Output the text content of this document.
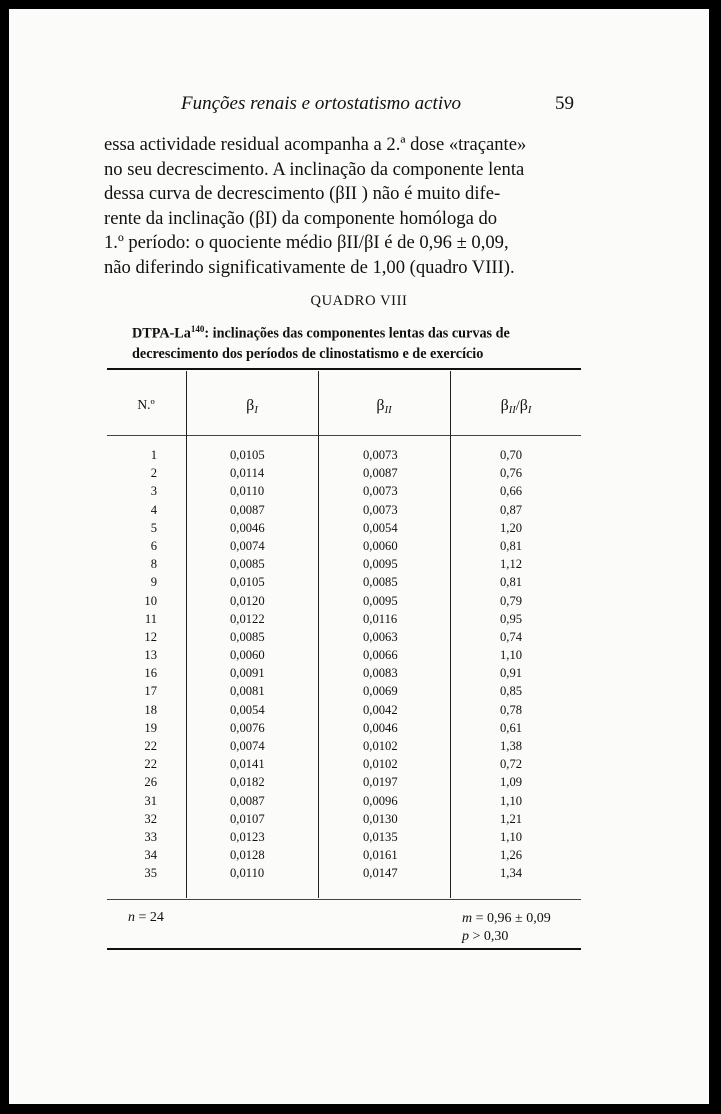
Funções renais e ortostatismo activo	59

essa actividade residual acompanha a 2.ª dose «traçante»

no seu decrescimento. A inclinação da componente lenta

dessa curva de decrescimento (βII ) não é muito dife-

rente da inclinação (βI) da componente homóloga do

1.º período: o quociente médio βII/βI é de 0,96 ± 0,09,

não diferindo significativamente de 1,00 (quadro VIII).

QUADRO VIII
DTPA-La$^{140}$: inclinações das componentes lentas das curvas de decrescimento dos períodos de clinostatismo e de exercício
N.º	$\beta_I$	$\beta_{II}$	$\beta_{II}/\beta_I$
1	0,0105	0,0073	0,70
2	0,0114	0,0087	0,76
3	0,0110	0,0073	0,66
4	0,0087	0,0073	0,87
5	0,0046	0,0054	1,20
6	0,0074	0,0060	0,81
8	0,0085	0,0095	1,12
9	0,0105	0,0085	0,81
10	0,0120	0,0095	0,79
11	0,0122	0,0116	0,95
12	0,0085	0,0063	0,74
13	0,0060	0,0066	1,10
16	0,0091	0,0083	0,91
17	0,0081	0,0069	0,85
18	0,0054	0,0042	0,78
19	0,0076	0,0046	0,61
22	0,0074	0,0102	1,38
22	0,0141	0,0102	0,72
26	0,0182	0,0197	1,09
31	0,0087	0,0096	1,10
32	0,0107	0,0130	1,21
33	0,0123	0,0135	1,10
34	0,0128	0,0161	1,26
35	0,0110	0,0147	1,34
n = 24	m = 0,96 ± 0,09
p > 0,30
